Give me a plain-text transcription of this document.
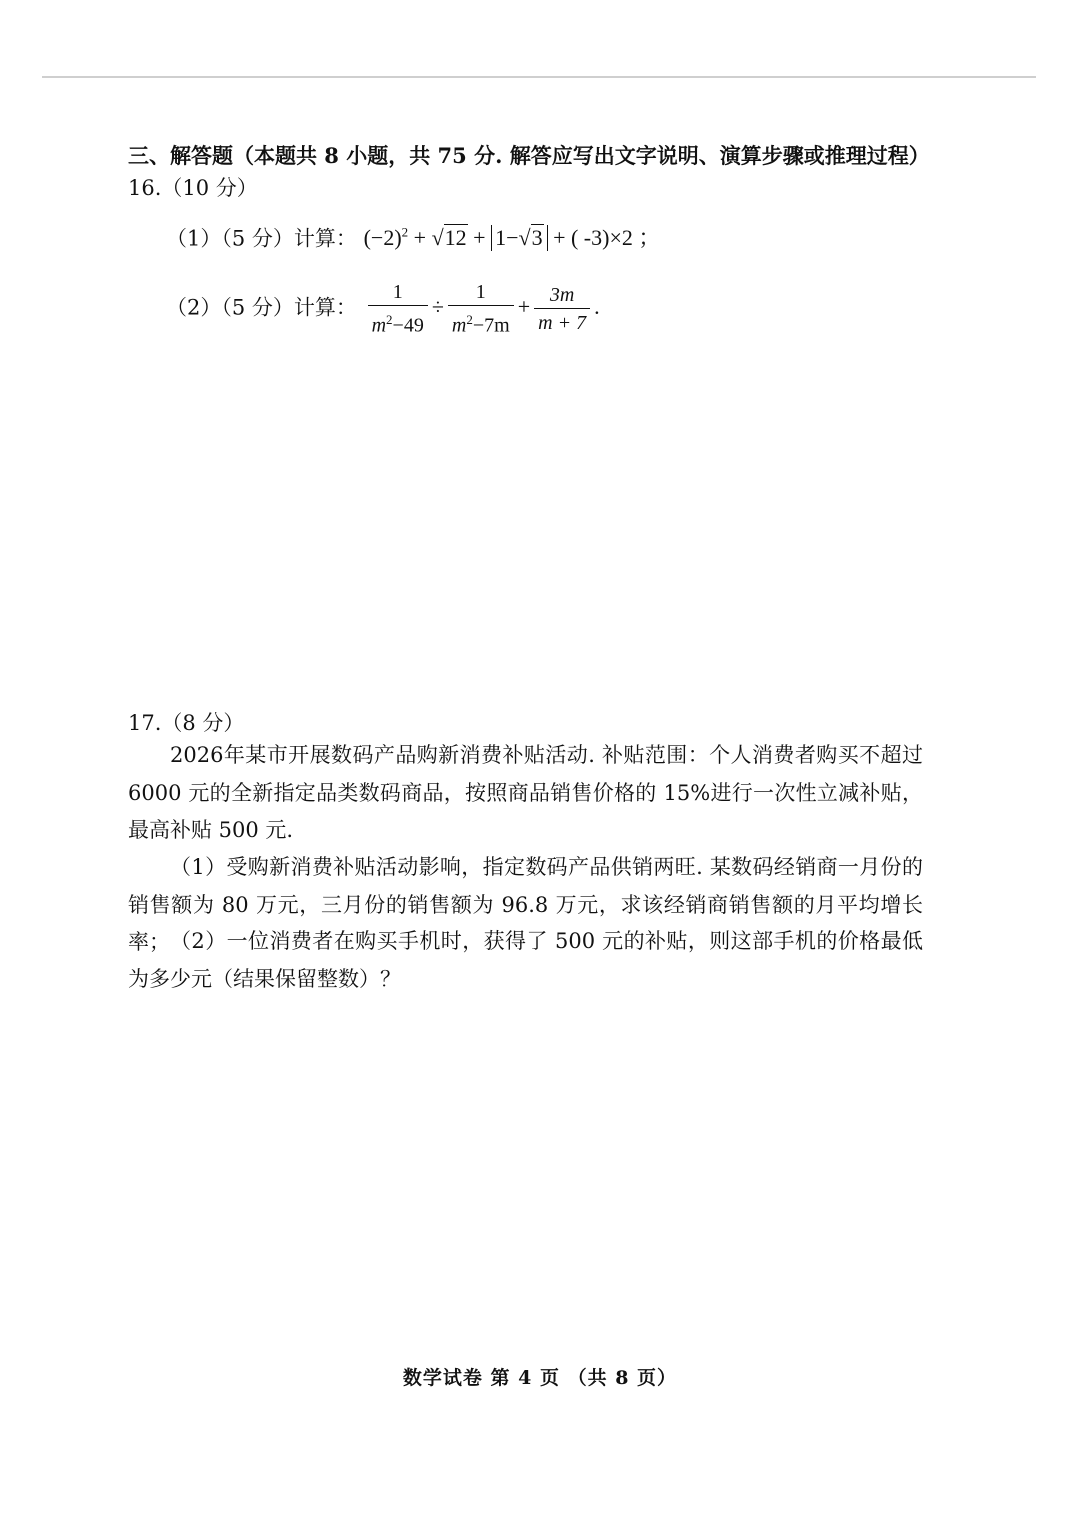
三、解答题（本题共 8 小题，共 75 分. 解答应写出文字说明、演算步骤或推理过程）
16.（10 分）
（1）（5 分）计算： $(-2)^2 + √12 + 1-√3$ + ( -3)×2 ；
（2）（5 分）计算： $\frac{1}{m^2-49} \div \frac{1}{m^2-7m} + \frac{3m}{m + 7}$ .
17.（8 分）
2026年某市开展数码产品购新消费补贴活动. 补贴范围：个人消费者购买不超过6000 元的全新指定品类数码商品，按照商品销售价格的 15%进行一次性立减补贴，最高补贴 500 元.
（1）受购新消费补贴活动影响，指定数码产品供销两旺. 某数码经销商一月份的销售额为 80 万元，三月份的销售额为 96.8 万元，求该经销商销售额的月平均增长率； （2）一位消费者在购买手机时，获得了 500 元的补贴，则这部手机的价格最低为多少元（结果保留整数）？
数学试卷 第 4 页 （共 8 页）
